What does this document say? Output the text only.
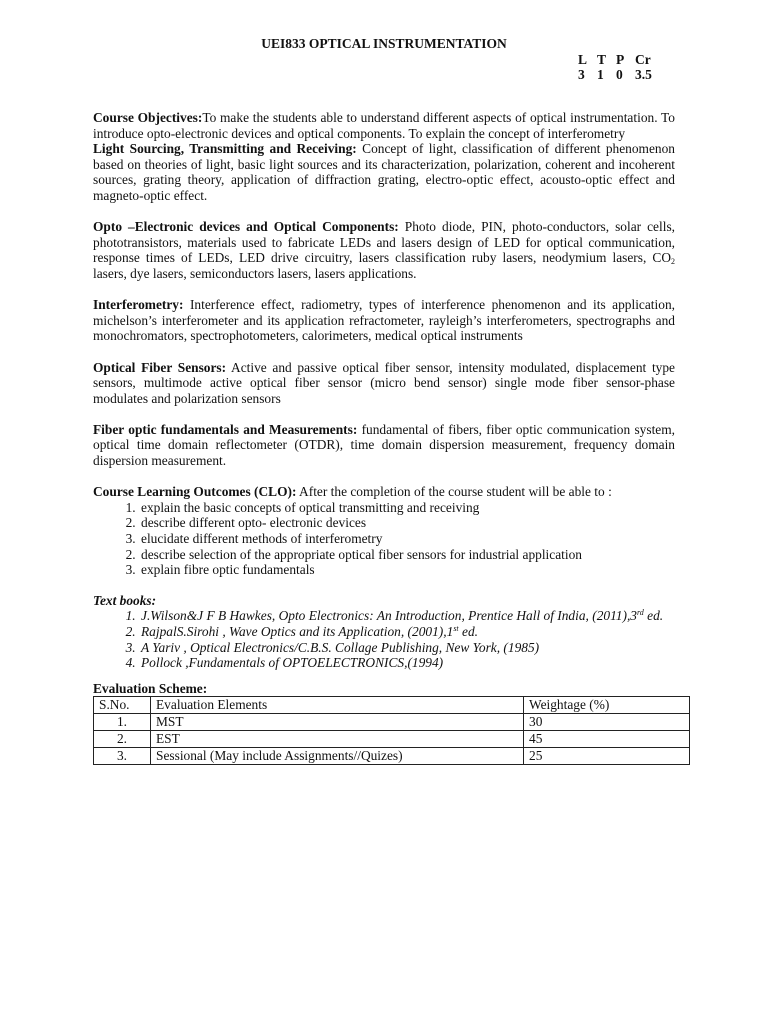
UEI833 OPTICAL INSTRUMENTATION
L T P Cr
3 1 0 3.5

Course Objectives:To make the students able to understand different aspects of optical instrumentation. To introduce opto-electronic devices and optical components. To explain the concept of interferometry

Light Sourcing, Transmitting and Receiving: Concept of light, classification of different phenomenon based on theories of light, basic light sources and its characterization, polarization, coherent and incoherent sources, grating theory, application of diffraction grating, electro-optic effect, acousto-optic effect and magneto-optic effect.

Opto –Electronic devices and Optical Components: Photo diode, PIN, photo-conductors, solar cells, phototransistors, materials used to fabricate LEDs and lasers design of LED for optical communication, response times of LEDs, LED drive circuitry, lasers classification ruby lasers, neodymium lasers, $CO_2$ lasers, dye lasers, semiconductors lasers, lasers applications.

Interferometry: Interference effect, radiometry, types of interference phenomenon and its application, michelson’s interferometer and its application refractometer, rayleigh’s interferometers, spectrographs and monochromators, spectrophotometers, calorimeters, medical optical instruments

Optical Fiber Sensors: Active and passive optical fiber sensor, intensity modulated, displacement type sensors, multimode active optical fiber sensor (micro bend sensor) single mode fiber sensor-phase modulates and polarization sensors

Fiber optic fundamentals and Measurements: fundamental of fibers, fiber optic communication system, optical time domain reflectometer (OTDR), time domain dispersion measurement, frequency domain dispersion measurement.

Course Learning Outcomes (CLO): After the completion of the course student will be able to :

1. explain the basic concepts of optical transmitting and receiving
2. describe different opto- electronic devices
3. elucidate different methods of interferometry
2. describe selection of the appropriate optical fiber sensors for industrial application
3. explain fibre optic fundamentals
Text books:
1. J.Wilson&J F B Hawkes, Opto Electronics: An Introduction, Prentice Hall of India, (2011),3rd ed.
2. RajpalS.Sirohi , Wave Optics and its Application, (2001),1st ed.
3. A Yariv , Optical Electronics/C.B.S. Collage Publishing, New York, (1985)
4. Pollock ,Fundamentals of OPTOELECTRONICS,(1994)
Evaluation Scheme:
S.No.	Evaluation Elements	Weightage (%)
1.	MST	30
2.	EST	45
3.	Sessional (May include Assignments//Quizes)	25
